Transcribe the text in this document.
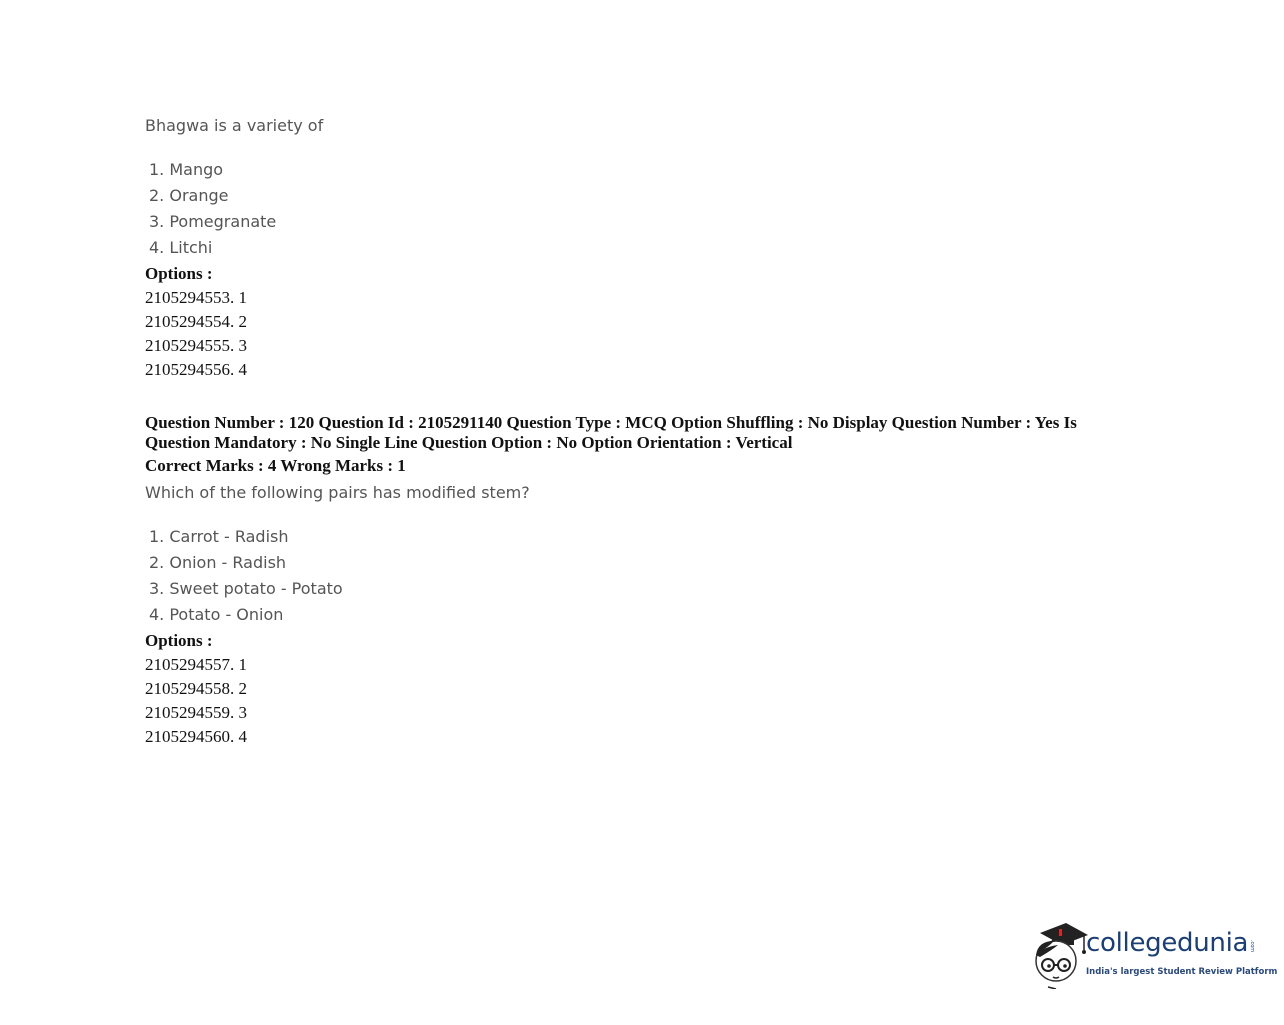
Bhagwa is a variety of
1. Mango
2. Orange
3. Pomegranate
4. Litchi
Options :
2105294553. 1
2105294554. 2
2105294555. 3
2105294556. 4
Question Number : 120 Question Id : 2105291140 Question Type : MCQ Option Shuffling : No Display Question Number : Yes Is
Question Mandatory : No Single Line Question Option : No Option Orientation : Vertical
Correct Marks : 4 Wrong Marks : 1
Which of the following pairs has modified stem?
1. Carrot - Radish
2. Onion - Radish
3. Sweet potato - Potato
4. Potato - Onion
Options :
2105294557. 1
2105294558. 2
2105294559. 3
2105294560. 4
collegedunia .com
India's largest Student Review Platform
